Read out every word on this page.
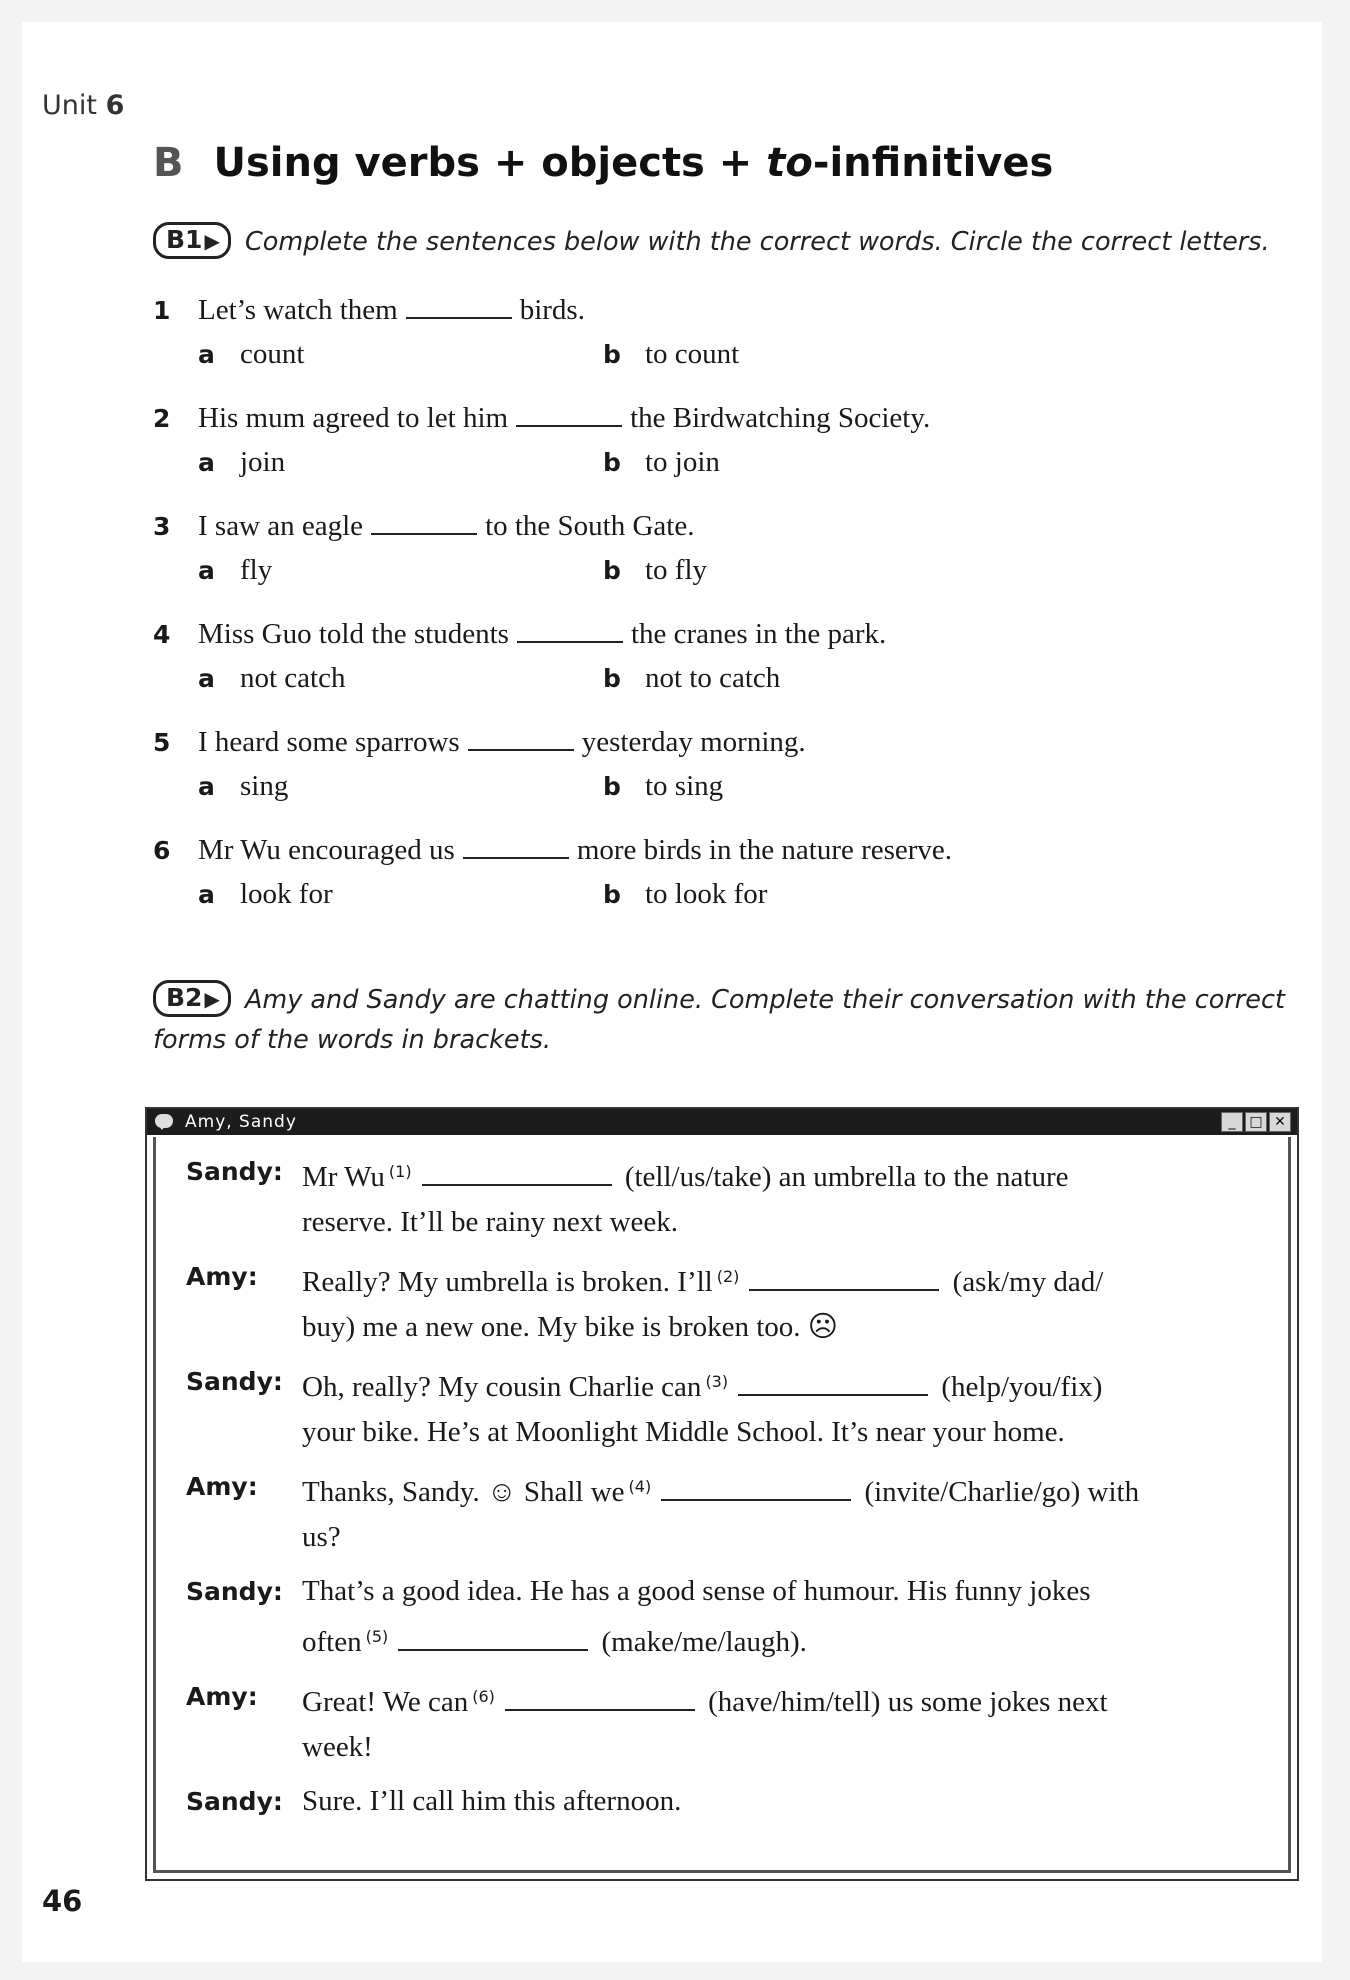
Unit 6
B Using verbs + objects + to-infinitives
B1 ▶ Complete the sentences below with the correct words. Circle the correct letters.
1 Let’s watch them	birds.
a count	b to count
2 His mum agreed to let him	the Birdwatching Society.
a join	b to join
3 I saw an eagle	to the South Gate.
a fly	b to fly
4 Miss Guo told the students	the cranes in the park.
a not catch	b not to catch
5 I heard some sparrows	yesterday morning.
a sing	b to sing
6 Mr Wu encouraged us	more birds in the nature reserve.
a look for	b to look for
B2 ▶ Amy and Sandy are chatting online. Complete their conversation with the correct
forms of the words in brackets.
Amy, Sandy	_ □ ✕
Sandy: Mr Wu $^{(1)}$	(tell/us/take) an umbrella to the nature
reserve. It’ll be rainy next week.
Amy: Really? My umbrella is broken. I’ll $^{(2)}$	(ask/my dad/
buy) me a new one. My bike is broken too. ☹
Sandy: Oh, really? My cousin Charlie can $^{(3)}$	(help/you/fix)
your bike. He’s at Moonlight Middle School. It’s near your home.
Amy: Thanks, Sandy. ☺ Shall we $^{(4)}$	(invite/Charlie/go) with
us?
Sandy: That’s a good idea. He has a good sense of humour. His funny jokes
often $^{(5)}$	(make/me/laugh).
Amy: Great! We can $^{(6)}$	(have/him/tell) us some jokes next
week!
Sandy: Sure. I’ll call him this afternoon.
46
